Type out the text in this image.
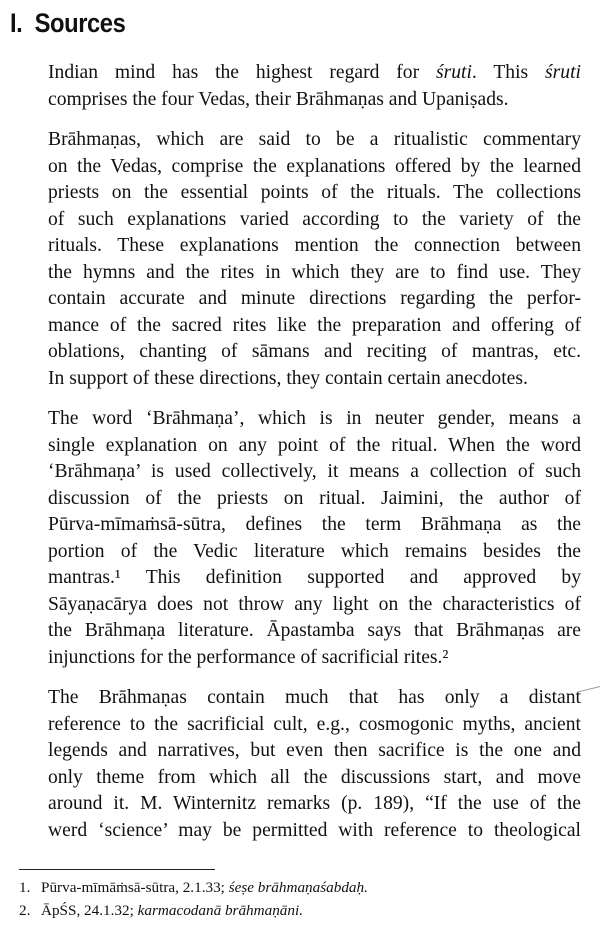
I. Sources

Indian mind has the highest regard for śruti. This śruti
comprises the four Vedas, their Brāhmaṇas and Upaniṣads.

Brāhmaṇas, which are said to be a ritualistic commentary
on the Vedas, comprise the explanations offered by the learned
priests on the essential points of the rituals. The collections
of such explanations varied according to the variety of the
rituals. These explanations mention the connection between
the hymns and the rites in which they are to find use. They
contain accurate and minute directions regarding the perfor-
mance of the sacred rites like the preparation and offering of
oblations, chanting of sāmans and reciting of mantras, etc.
In support of these directions, they contain certain anecdotes.

The word ‘Brāhmaṇa’, which is in neuter gender, means a
single explanation on any point of the ritual. When the word
‘Brāhmaṇa’ is used collectively, it means a collection of such
discussion of the priests on ritual. Jaimini, the author of
Pūrva-mīmaṁsā-sūtra, defines the term Brāhmaṇa as the
portion of the Vedic literature which remains besides the
mantras.¹ This definition supported and approved by
Sāyaṇacārya does not throw any light on the characteristics of
the Brāhmaṇa literature. Āpastamba says that Brāhmaṇas are
injunctions for the performance of sacrificial rites.²

The Brāhmaṇas contain much that has only a distant
reference to the sacrificial cult, e.g., cosmogonic myths, ancient
legends and narratives, but even then sacrifice is the one and
only theme from which all the discussions start, and move
around it. M. Winternitz remarks (p. 189), “If the use of the
werd ‘science’ may be permitted with reference to theological

1. Pūrva-mīmāṁsā-sūtra, 2.1.33; śeṣe brāhmaṇaśabdaḥ.
2. ĀpŚS, 24.1.32; karmacodanā brāhmaṇāni.
